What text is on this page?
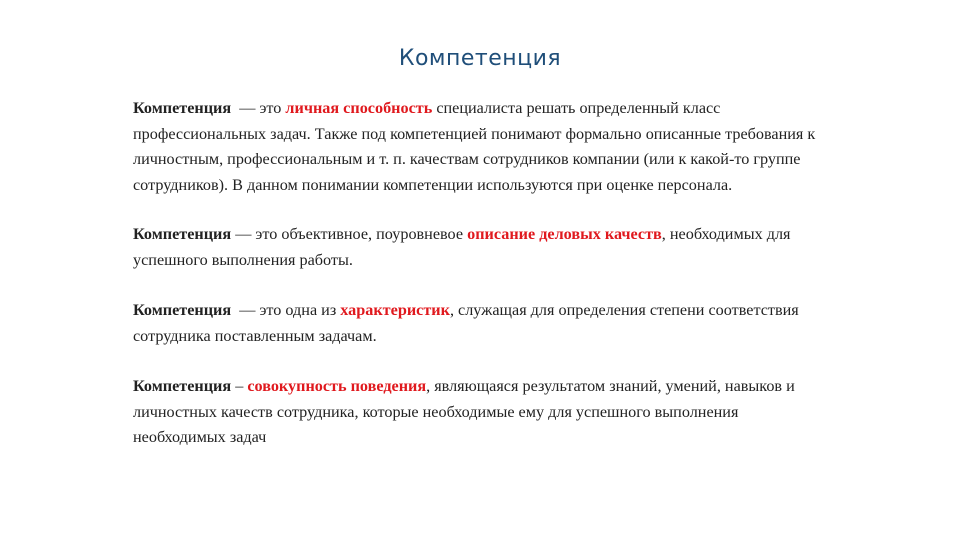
Компетенция

Компетенция  — это личная способность специалиста решать определенный класс
профессиональных задач. Также под компетенцией понимают формально описанные требования к
личностным, профессиональным и т. п. качествам сотрудников компании (или к какой-то группе
сотрудников). В данном понимании компетенции используются при оценке персонала.

Компетенция — это объективное, поуровневое описание деловых качеств, необходимых для
успешного выполнения работы.

Компетенция  — это одна из характеристик, служащая для определения степени соответствия
сотрудника поставленным задачам.

Компетенция – совокупность поведения, являющаяся результатом знаний, умений, навыков и
личностных качеств сотрудника, которые необходимые ему для успешного выполнения
необходимых задач
